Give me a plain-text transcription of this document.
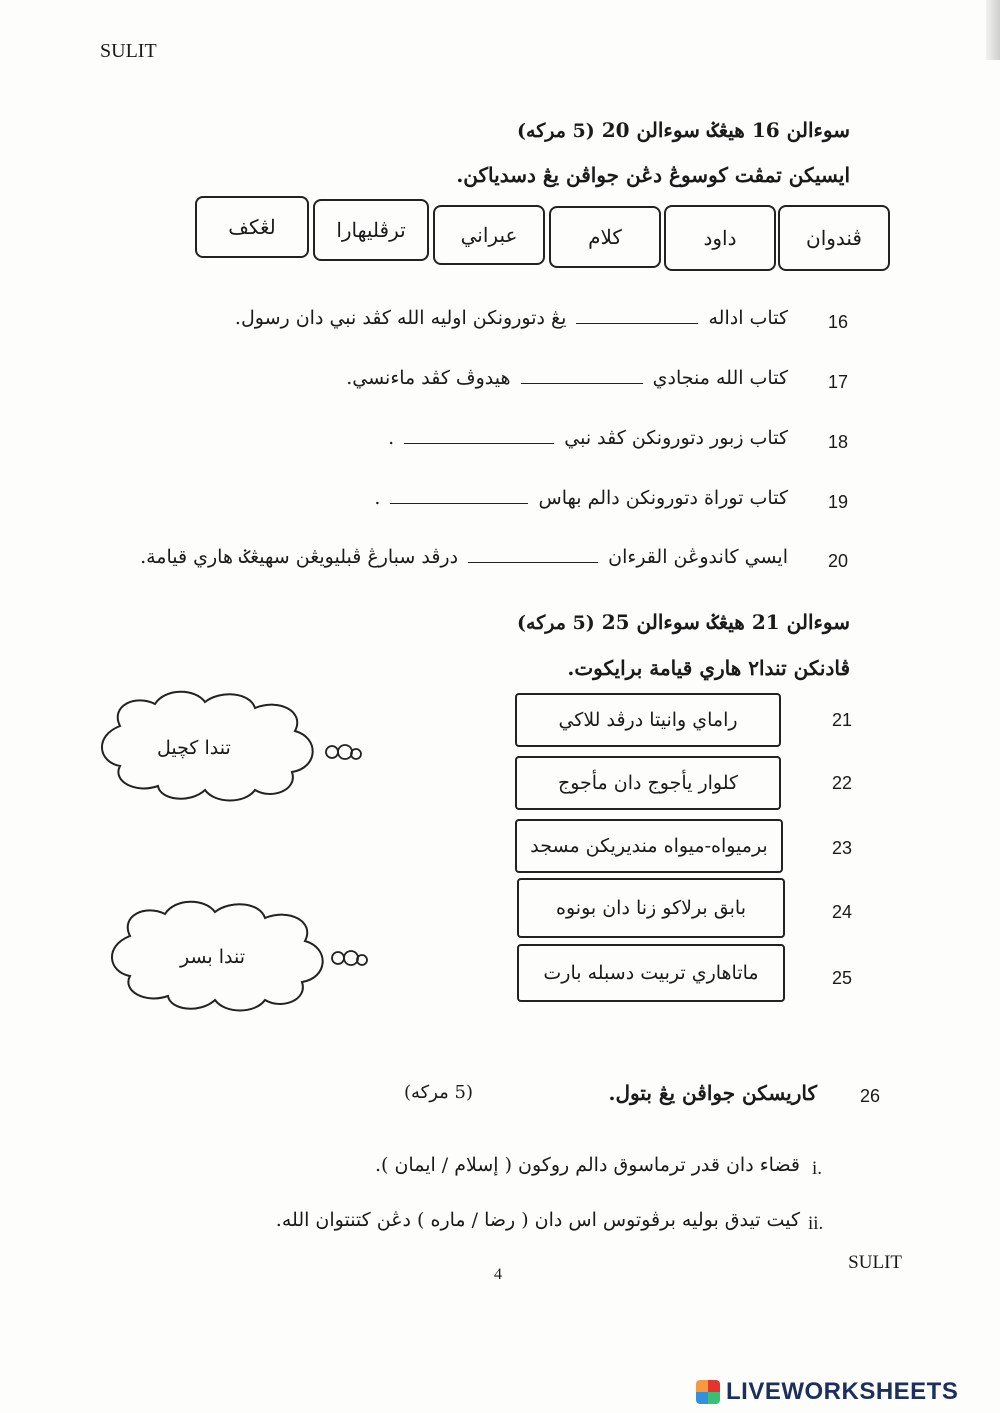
SULIT
سوءالن 16 هيڠݢ سوءالن 20 (5 مركه)
ايسيكن تمڤت كوسوڠ دڠن جواڤن يڠ دسدياكن.
ڤندوان
داود
كلام
عبراني
ترڤليهارا
لڠكف
16
كتاب اداله  يڠ دتورونكن اوليه الله كڤد نبي دان رسول.
17
كتاب الله منجادي  هيدوڤ كڤد ماءنسي.
18
كتاب زبور دتورونكن كڤد نبي  .
19
كتاب توراة دتورونكن دالم بهاس  .
20
ايسي كاندوڠن القرءان  درڤد سبارڠ ڤبليويڠن سهيڠݢ هاري قيامة.
سوءالن 21 هيڠݢ سوءالن 25 (5 مركه)
ڤادنكن تندا٢ هاري قيامة برايكوت.
تندا كچيل
تندا بسر
راماي وانيتا درڤد للاكي	21
كلوار يأجوج دان مأجوج	22
برميواه-ميواه منديريكن مسجد	23
بابق برلاكو زنا دان بونوه	24
ماتاهاري تربيت دسبله بارت	25
26
كاريسكن جواڤن يڠ بتول.
(5 مركه)
i.
قضاء دان قدر ترماسوق دالم روكون ( إسلام / ايمان ).
ii.
كيت تيدق بوليه برڤوتوس اس دان ( رضا / ماره ) دڠن كتنتوان الله.
SULIT
4
LIVEWORKSHEETS
